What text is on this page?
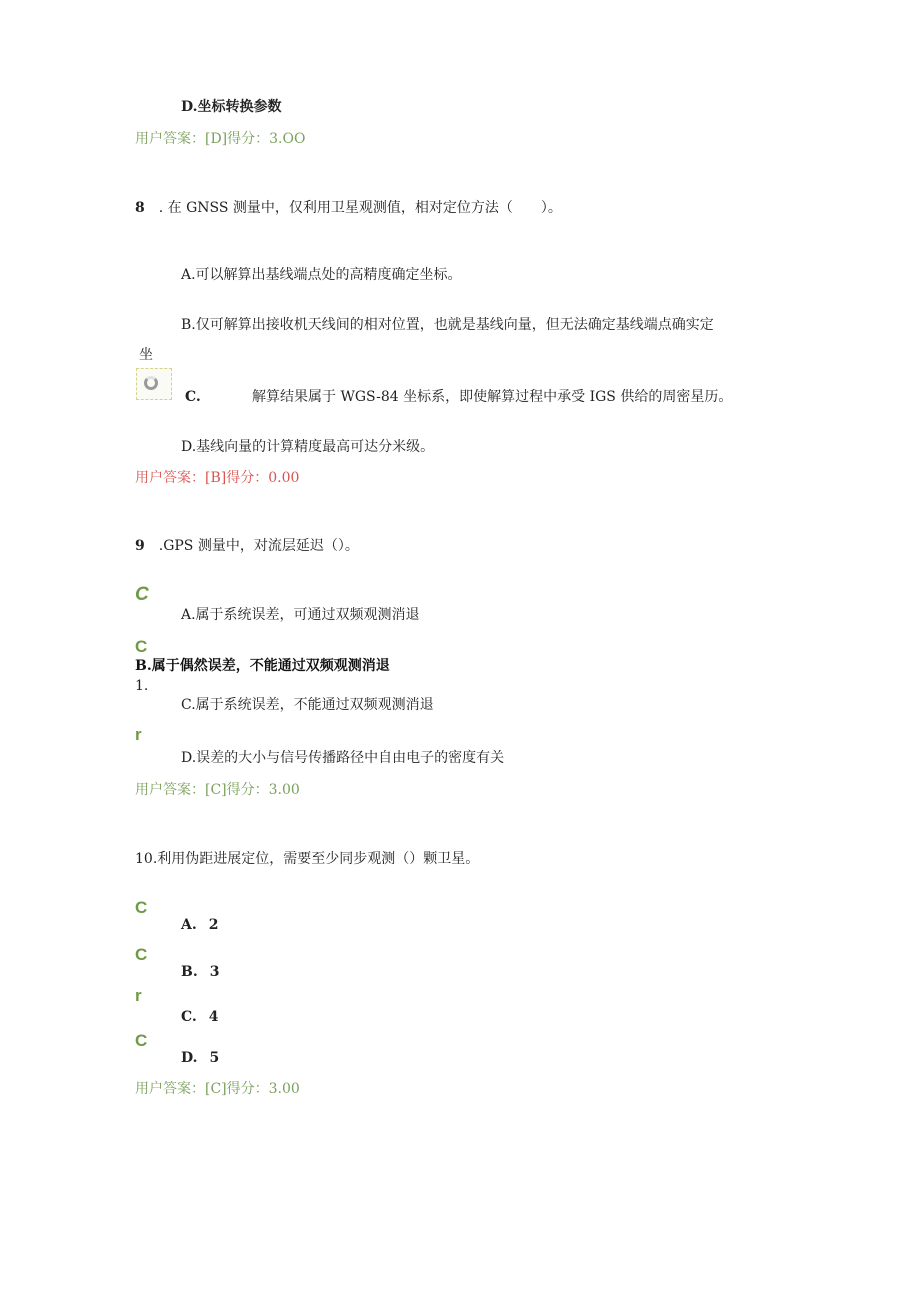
D.坐标转换参数
用户答案：[D]得分：3.OO
8 . 在 GNSS 测量中，仅利用卫星观测值，相对定位方法（　　）。
A.可以解算出基线端点处的高精度确定坐标。
B.仅可解算出接收机天线间的相对位置，也就是基线向量，但无法确定基线端点确实定
坐
C.	解算结果属于 WGS-84 坐标系，即使解算过程中承受 IGS 供给的周密星历。
D.基线向量的计算精度最高可达分米级。
用户答案：[B]得分：0.00
9 .GPS 测量中，对流层延迟（）。
C
A.属于系统误差，可通过双频观测消退
C
B.属于偶然误差，不能通过双频观测消退
1.
C.属于系统误差，不能通过双频观测消退
r
D.误差的大小与信号传播路径中自由电子的密度有关
用户答案：[C]得分：3.00
10.利用伪距进展定位，需要至少同步观测（）颗卫星。
C
A. 2
C
B. 3
r
C. 4
C
D. 5
用户答案：[C]得分：3.00
